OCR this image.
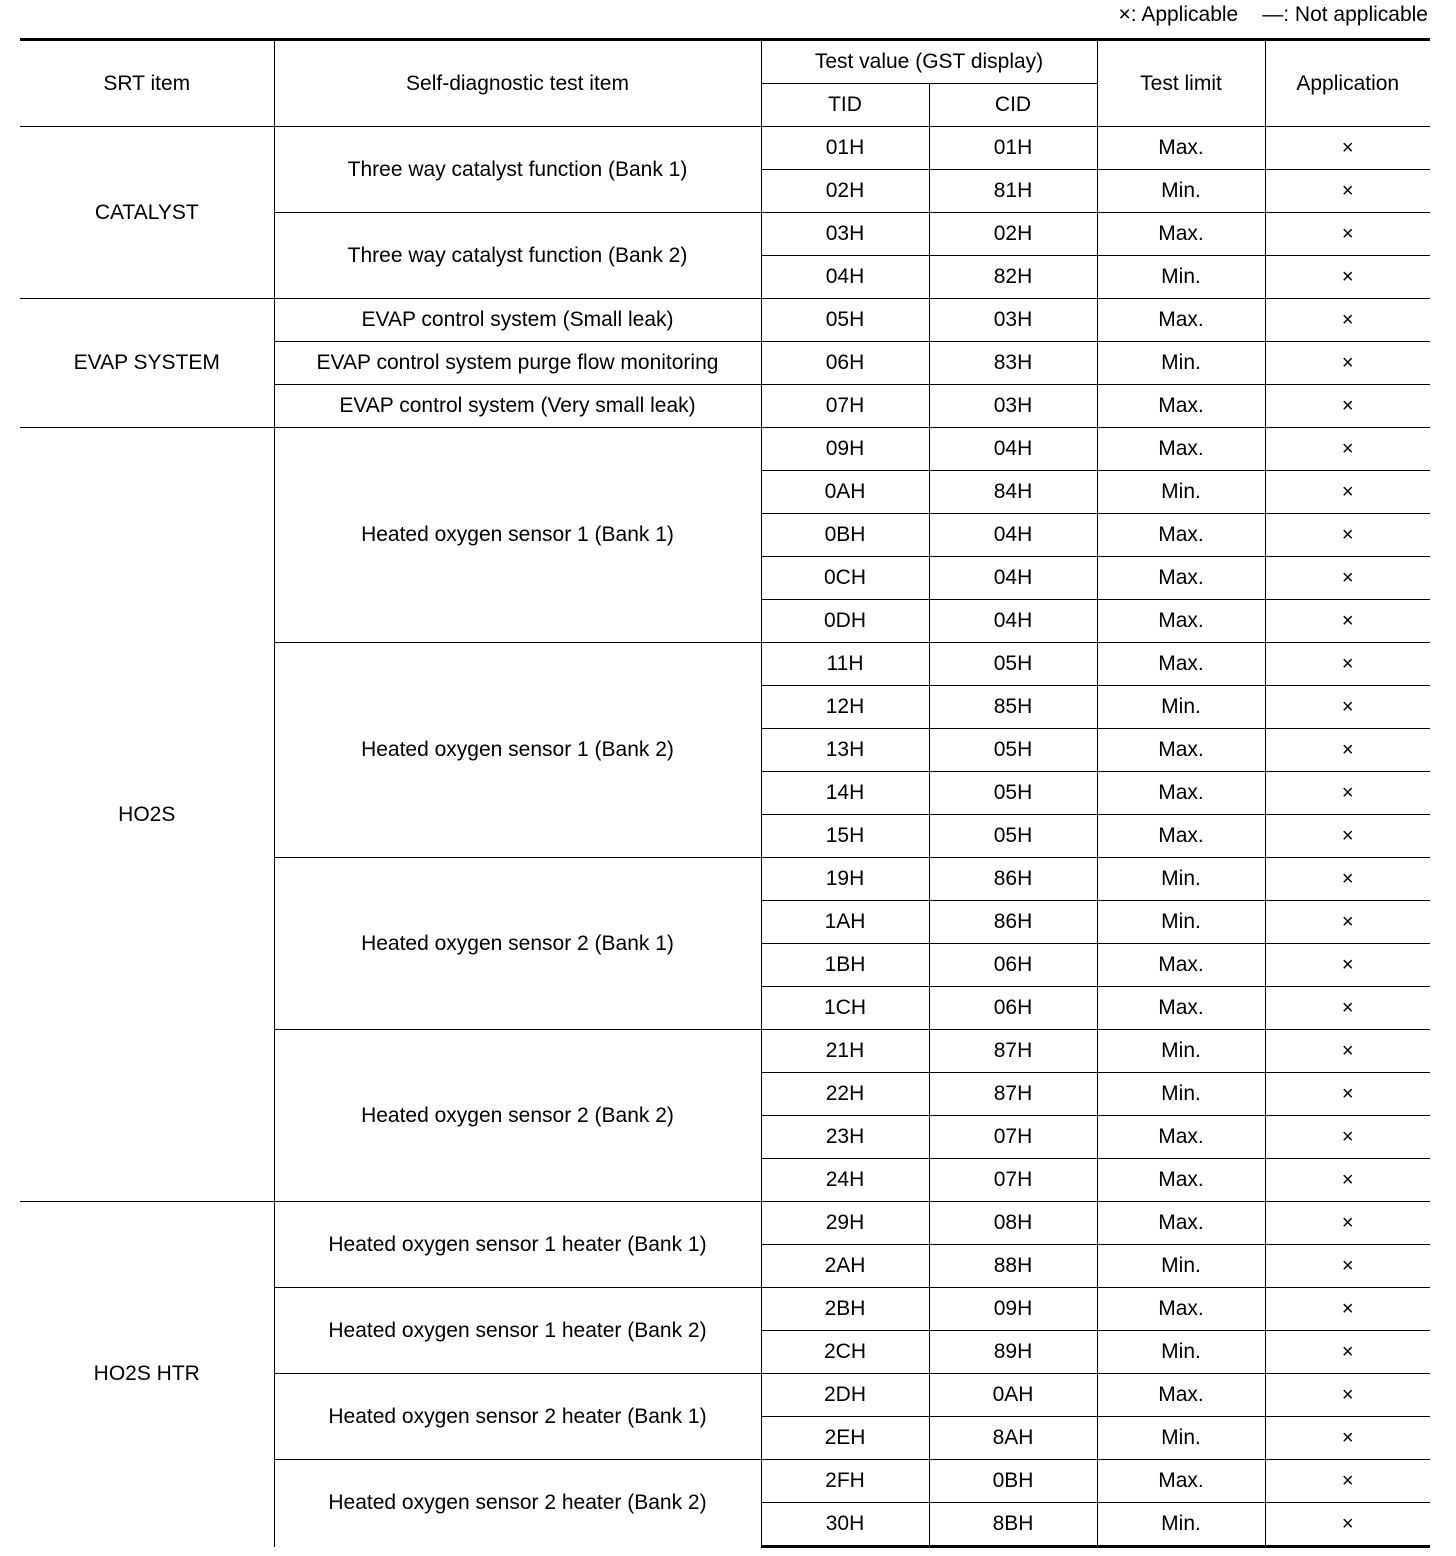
×: Applicable —: Not applicable
SRT item	Self-diagnostic test item	Test value (GST display)		Test limit	Application
		TID	CID		
CATALYST	Three way catalyst function (Bank 1)	01H	01H	Max.	×
		02H	81H	Min.	×
	Three way catalyst function (Bank 2)	03H	02H	Max.	×
		04H	82H	Min.	×
EVAP SYSTEM	EVAP control system (Small leak)	05H	03H	Max.	×
	EVAP control system purge flow monitoring	06H	83H	Min.	×
	EVAP control system (Very small leak)	07H	03H	Max.	×
HO2S	Heated oxygen sensor 1 (Bank 1)	09H	04H	Max.	×
		0AH	84H	Min.	×
		0BH	04H	Max.	×
		0CH	04H	Max.	×
		0DH	04H	Max.	×
	Heated oxygen sensor 1 (Bank 2)	11H	05H	Max.	×
		12H	85H	Min.	×
		13H	05H	Max.	×
		14H	05H	Max.	×
		15H	05H	Max.	×
	Heated oxygen sensor 2 (Bank 1)	19H	86H	Min.	×
		1AH	86H	Min.	×
		1BH	06H	Max.	×
		1CH	06H	Max.	×
	Heated oxygen sensor 2 (Bank 2)	21H	87H	Min.	×
		22H	87H	Min.	×
		23H	07H	Max.	×
		24H	07H	Max.	×
HO2S HTR	Heated oxygen sensor 1 heater (Bank 1)	29H	08H	Max.	×
		2AH	88H	Min.	×
	Heated oxygen sensor 1 heater (Bank 2)	2BH	09H	Max.	×
		2CH	89H	Min.	×
	Heated oxygen sensor 2 heater (Bank 1)	2DH	0AH	Max.	×
		2EH	8AH	Min.	×
	Heated oxygen sensor 2 heater (Bank 2)	2FH	0BH	Max.	×
		30H	8BH	Min.	×
